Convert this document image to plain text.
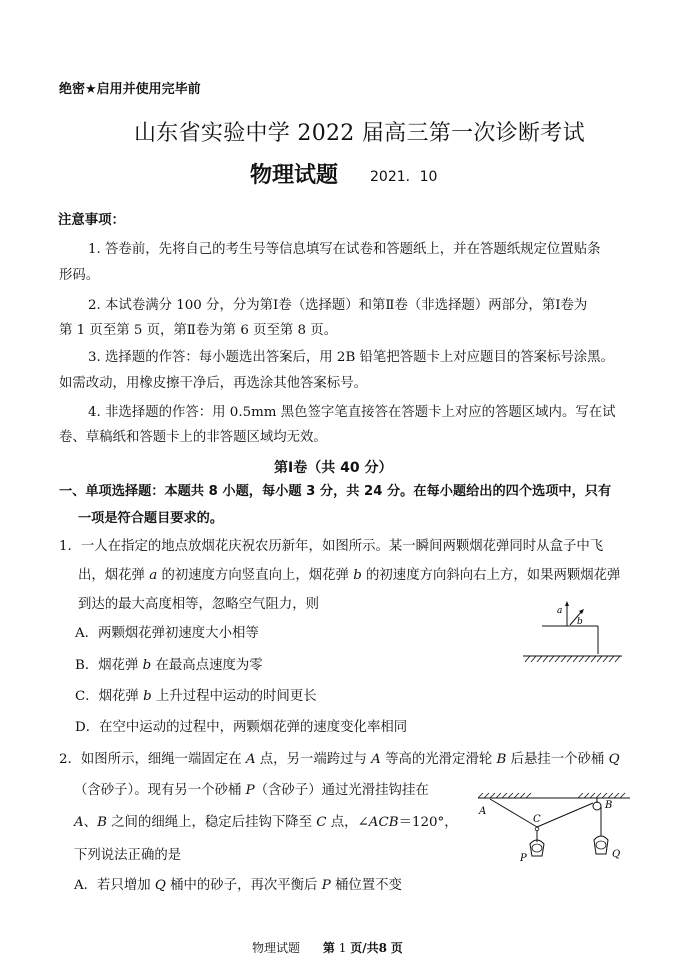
绝密★启用并使用完毕前
山东省实验中学 2022 届高三第一次诊断考试
物理试题 2021．10
注意事项：
1. 答卷前，先将自己的考生号等信息填写在试卷和答题纸上，并在答题纸规定位置贴条
形码。
2. 本试卷满分 100 分，分为第Ⅰ卷（选择题）和第Ⅱ卷（非选择题）两部分，第Ⅰ卷为
第 1 页至第 5 页，第Ⅱ卷为第 6 页至第 8 页。
3. 选择题的作答：每小题选出答案后，用 2B 铅笔把答题卡上对应题目的答案标号涂黑。
如需改动，用橡皮擦干净后，再选涂其他答案标号。
4. 非选择题的作答：用 0.5mm 黑色签字笔直接答在答题卡上对应的答题区域内。写在试
卷、草稿纸和答题卡上的非答题区域均无效。
第Ⅰ卷（共 40 分）
一、单项选择题：本题共 8 小题，每小题 3 分，共 24 分。在每小题给出的四个选项中，只有
一项是符合题目要求的。
1．一人在指定的地点放烟花庆祝农历新年，如图所示。某一瞬间两颗烟花弹同时从盒子中飞
出，烟花弹 a 的初速度方向竖直向上，烟花弹 b 的初速度方向斜向右上方，如果两颗烟花弹
到达的最大高度相等，忽略空气阻力，则
A．两颗烟花弹初速度大小相等
B．烟花弹 b 在最高点速度为零
C．烟花弹 b 上升过程中运动的时间更长
D．在空中运动的过程中，两颗烟花弹的速度变化率相同
a
b
2．如图所示，细绳一端固定在 A 点，另一端跨过与 A 等高的光滑定滑轮 B 后悬挂一个砂桶 Q
（含砂子）。现有另一个砂桶 P（含砂子）通过光滑挂钩挂在
A、B 之间的细绳上，稳定后挂钩下降至 C 点，∠ACB＝120°，
下列说法正确的是
A．若只增加 Q 桶中的砂子，再次平衡后 P 桶位置不变
A
B
C
P	Q
物理试题 第 1 页/共8 页
